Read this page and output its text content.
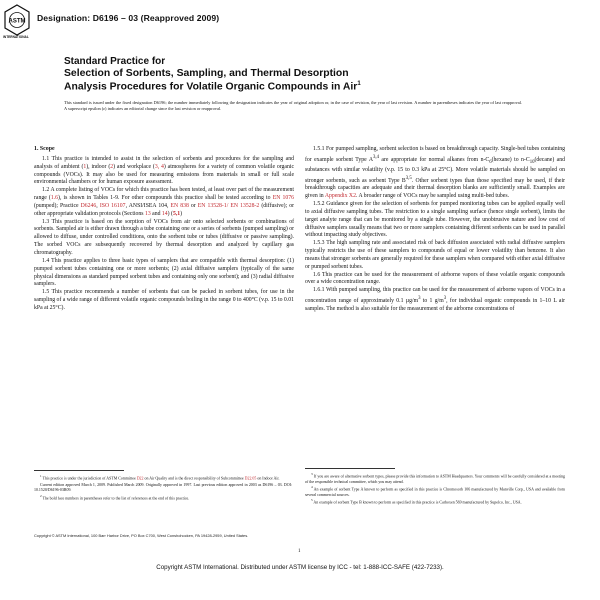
ASTM
INTERNATIONAL
Designation: D6196 – 03 (Reapproved 2009)
Standard Practice for
Selection of Sorbents, Sampling, and Thermal Desorption
Analysis Procedures for Volatile Organic Compounds in Air$^1$
This standard is issued under the fixed designation D6196; the number immediately following the designation indicates the year of original adoption or, in the case of revision, the year of last revision. A number in parentheses indicates the year of last reapproval. A superscript epsilon (ε) indicates an editorial change since the last revision or reapproval.

1. Scope

1.1 This practice is intended to assist in the selection of sorbents and procedures for the sampling and analysis of ambient (1), indoor (2) and workplace (3, 4) atmospheres for a variety of common volatile organic compounds (VOCs). It may also be used for measuring emissions from materials in small or full scale environmental chambers or for human exposure assessment.

1.2 A complete listing of VOCs for which this practice has been tested, at least over part of the measurement range (1.6), is shown in Tables 1-9. For other compounds this practice shall be tested according to EN 1076 (pumped); Practice D6246, ISO 16107, ANSI/ISEA 104, EN 838 or EN 13528-1/ EN 13528-2 (diffusive); or other appropriate validation protocols (Sections 13 and 14) (5,1)

1.3 This practice is based on the sorption of VOCs from air onto selected sorbents or combinations of sorbents. Sampled air is either drawn through a tube containing one or a series of sorbents (pumped sampling) or allowed to diffuse, under controlled conditions, onto the sorbent tube or tubes (diffusive or passive sampling). The sorbed VOCs are subsequently recovered by thermal desorption and analyzed by capillary gas chromatography.

1.4 This practice applies to three basic types of samplers that are compatible with thermal desorption: (1) pumped sorbent tubes containing one or more sorbents; (2) axial diffusive samplers (typically of the same physical dimensions as standard pumped sorbent tubes and containing only one sorbent); and (3) radial diffusive samplers.

1.5 This practice recommends a number of sorbents that can be packed in sorbent tubes, for use in the sampling of a wide range of different volatile organic compounds boiling in the range 0 to 400°C (v.p. 15 to 0.01 kPa at 25°C).

1.5.1 For pumped sampling, sorbent selection is based on breakthrough capacity. Single-bed tubes containing for example sorbent Type A$^{3,4}$ are appropriate for normal alkanes from $n-C_6(hexane)$ to $n-C_{10}(decane)$ and substances with similar volatility (v.p. 15 to 0.3 kPa at 25°C). More volatile materials should be sampled on stronger sorbents, such as sorbent Type B$^{3,5}$. Other sorbent types than those specified may be used, if their breakthrough capacities are adequate and their thermal desorption blanks are sufficiently small. Examples are given in Appendix X2. A broader range of VOCs may be sampled using multi-bed tubes.

1.5.2 Guidance given for the selection of sorbents for pumped monitoring tubes can be applied equally well to axial diffusive sampling tubes. The restriction to a single sampling surface (hence single sorbent), limits the target analyte range that can be monitored by a single tube. However, the unobtrusive nature and low cost of diffusive samplers usually means that two or more samplers containing different sorbents can be used in parallel without impacting study objectives.

1.5.3 The high sampling rate and associated risk of back diffusion associated with radial diffusive samplers typically restricts the use of these samplers to compounds of equal or lower volatility than benzene. It also means that stronger sorbents are generally required for these samplers when compared with either axial diffusive or pumped sorbent tubes.

1.6 This practice can be used for the measurement of airborne vapors of these volatile organic compounds over a wide concentration range.

1.6.1 With pumped sampling, this practice can be used for the measurement of airborne vapors of VOCs in a concentration range of approximately 0.1 $\mu g/m^3$ to 1 $g/m^3$, for individual organic compounds in 1–10 L air samples. The method is also suitable for the measurement of the airborne concentrations of

$^1$ This practice is under the jurisdiction of ASTM Committee D22 on Air Quality and is the direct responsibility of Subcommittee D22.05 on Indoor Air.

Current edition approved March 1, 2009. Published March 2009. Originally approved in 1997. Last previous edition approved in 2003 as D6196 – 03. DOI: 10.1520/D6196-03R09.

$^2$ The bold face numbers in parentheses refer to the list of references at the end of this practice.

$^3$ If you are aware of alternative sorbent types, please provide this information to ASTM Headquarters. Your comments will be carefully considered at a meeting of the responsible technical committee, which you may attend.

$^4$ An example of sorbent Type A known to perform as specified in this practice is Chromosorb 106 manufactured by Manville Corp., USA and available from several commercial sources.

$^5$ An example of sorbent Type B known to perform as specified in this practice is Carboxen 569 manufactured by Supelco, Inc., USA.

Copyright © ASTM International, 100 Barr Harbor Drive, PO Box C700, West Conshohocken, PA 19428-2959, United States.
1
Copyright ASTM International. Distributed under ASTM license by ICC - tel: 1-888-ICC-SAFE (422-7233).
